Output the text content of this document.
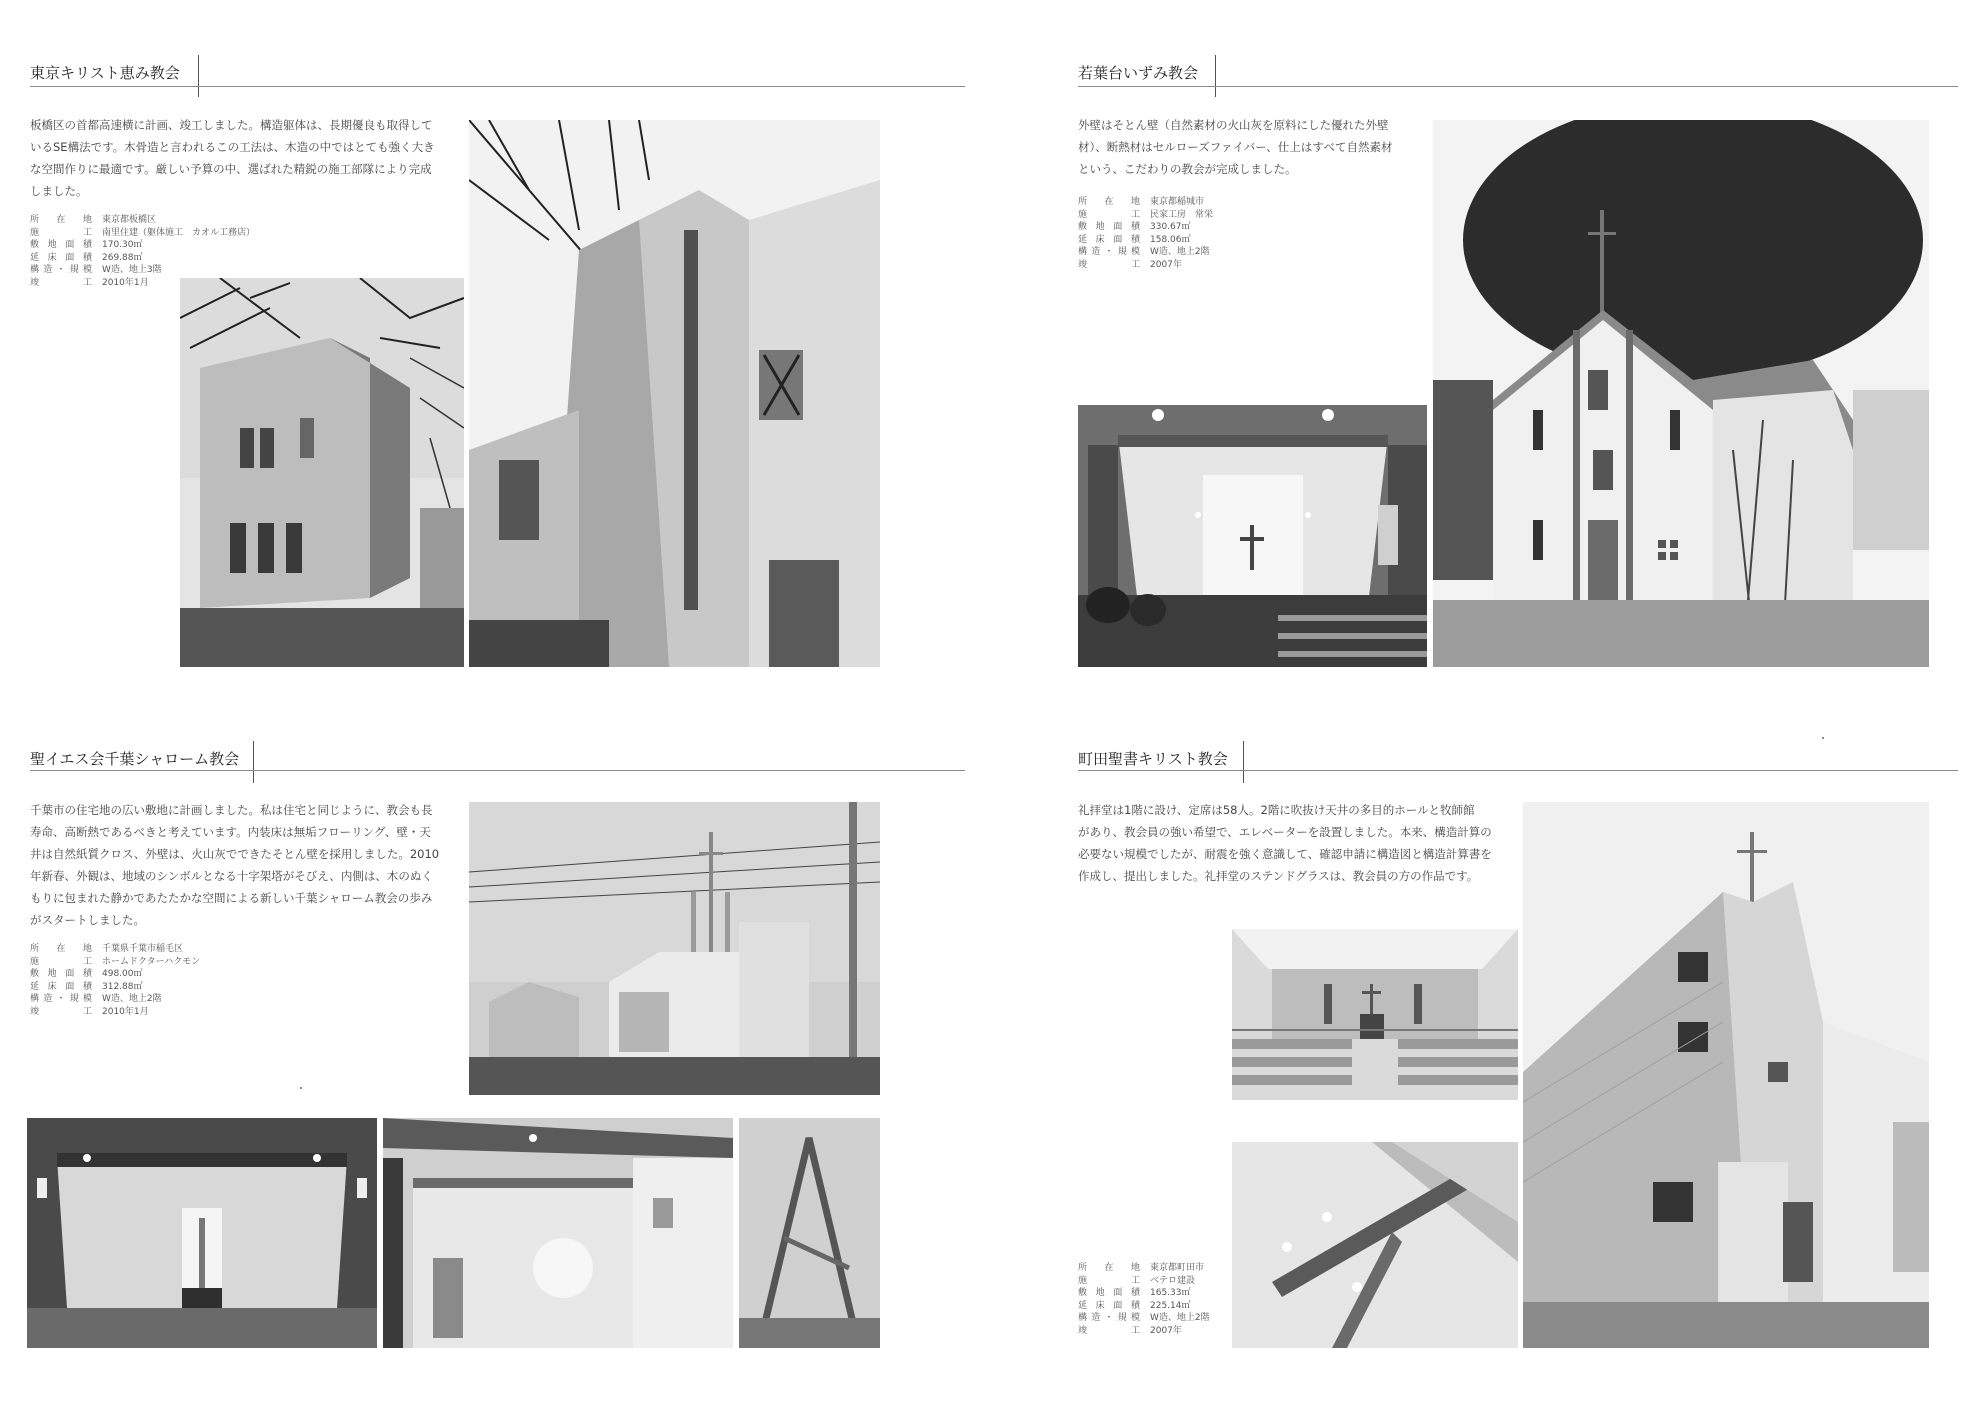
東京キリスト恵み教会
板橋区の首都高速横に計画、竣工しました。構造躯体は、長期優良も取得して
いるSE構法です。木骨造と言われるこの工法は、木造の中ではとても強く大き
な空間作りに最適です。厳しい予算の中、選ばれた精鋭の施工部隊により完成
しました。
所 在 地 東京都板橋区
施 工 南里住建（躯体施工　カオル工務店）
敷 地 面 積 170.30㎡
延 床 面 積 269.88㎡
構造・規模 W造、地上3階
竣 工 2010年1月
若葉台いずみ教会
外壁はそとん壁（自然素材の火山灰を原料にした優れた外壁
材）、断熱材はセルローズファイバー、仕上はすべて自然素材
という、こだわりの教会が完成しました。
所 在 地 東京都稲城市
施 工 民家工房　常栄
敷 地 面 積 330.67㎡
延 床 面 積 158.06㎡
構造・規模 W造、地上2階
竣 工 2007年
聖イエス会千葉シャローム教会
千葉市の住宅地の広い敷地に計画しました。私は住宅と同じように、教会も長
寿命、高断熱であるべきと考えています。内装床は無垢フローリング、壁・天
井は自然紙質クロス、外壁は、火山灰でできたそとん壁を採用しました。2010
年新春、外観は、地域のシンボルとなる十字架塔がそびえ、内側は、木のぬく
もりに包まれた静かであたたかな空間による新しい千葉シャローム教会の歩み
がスタートしました。
所 在 地 千葉県千葉市稲毛区
施 工 ホームドクターハクモン
敷 地 面 積 498.00㎡
延 床 面 積 312.88㎡
構造・規模 W造、地上2階
竣 工 2010年1月
町田聖書キリスト教会
礼拝堂は1階に設け、定席は58人。2階に吹抜け天井の多目的ホールと牧師館
があり、教会員の強い希望で、エレベーターを設置しました。本来、構造計算の
必要ない規模でしたが、耐震を強く意識して、確認申請に構造図と構造計算書を
作成し、提出しました。礼拝堂のステンドグラスは、教会員の方の作品です。
所 在 地 東京都町田市
施 工 ベテロ建設
敷 地 面 積 165.33㎡
延 床 面 積 225.14㎡
構造・規模 W造、地上2階
竣 工 2007年
